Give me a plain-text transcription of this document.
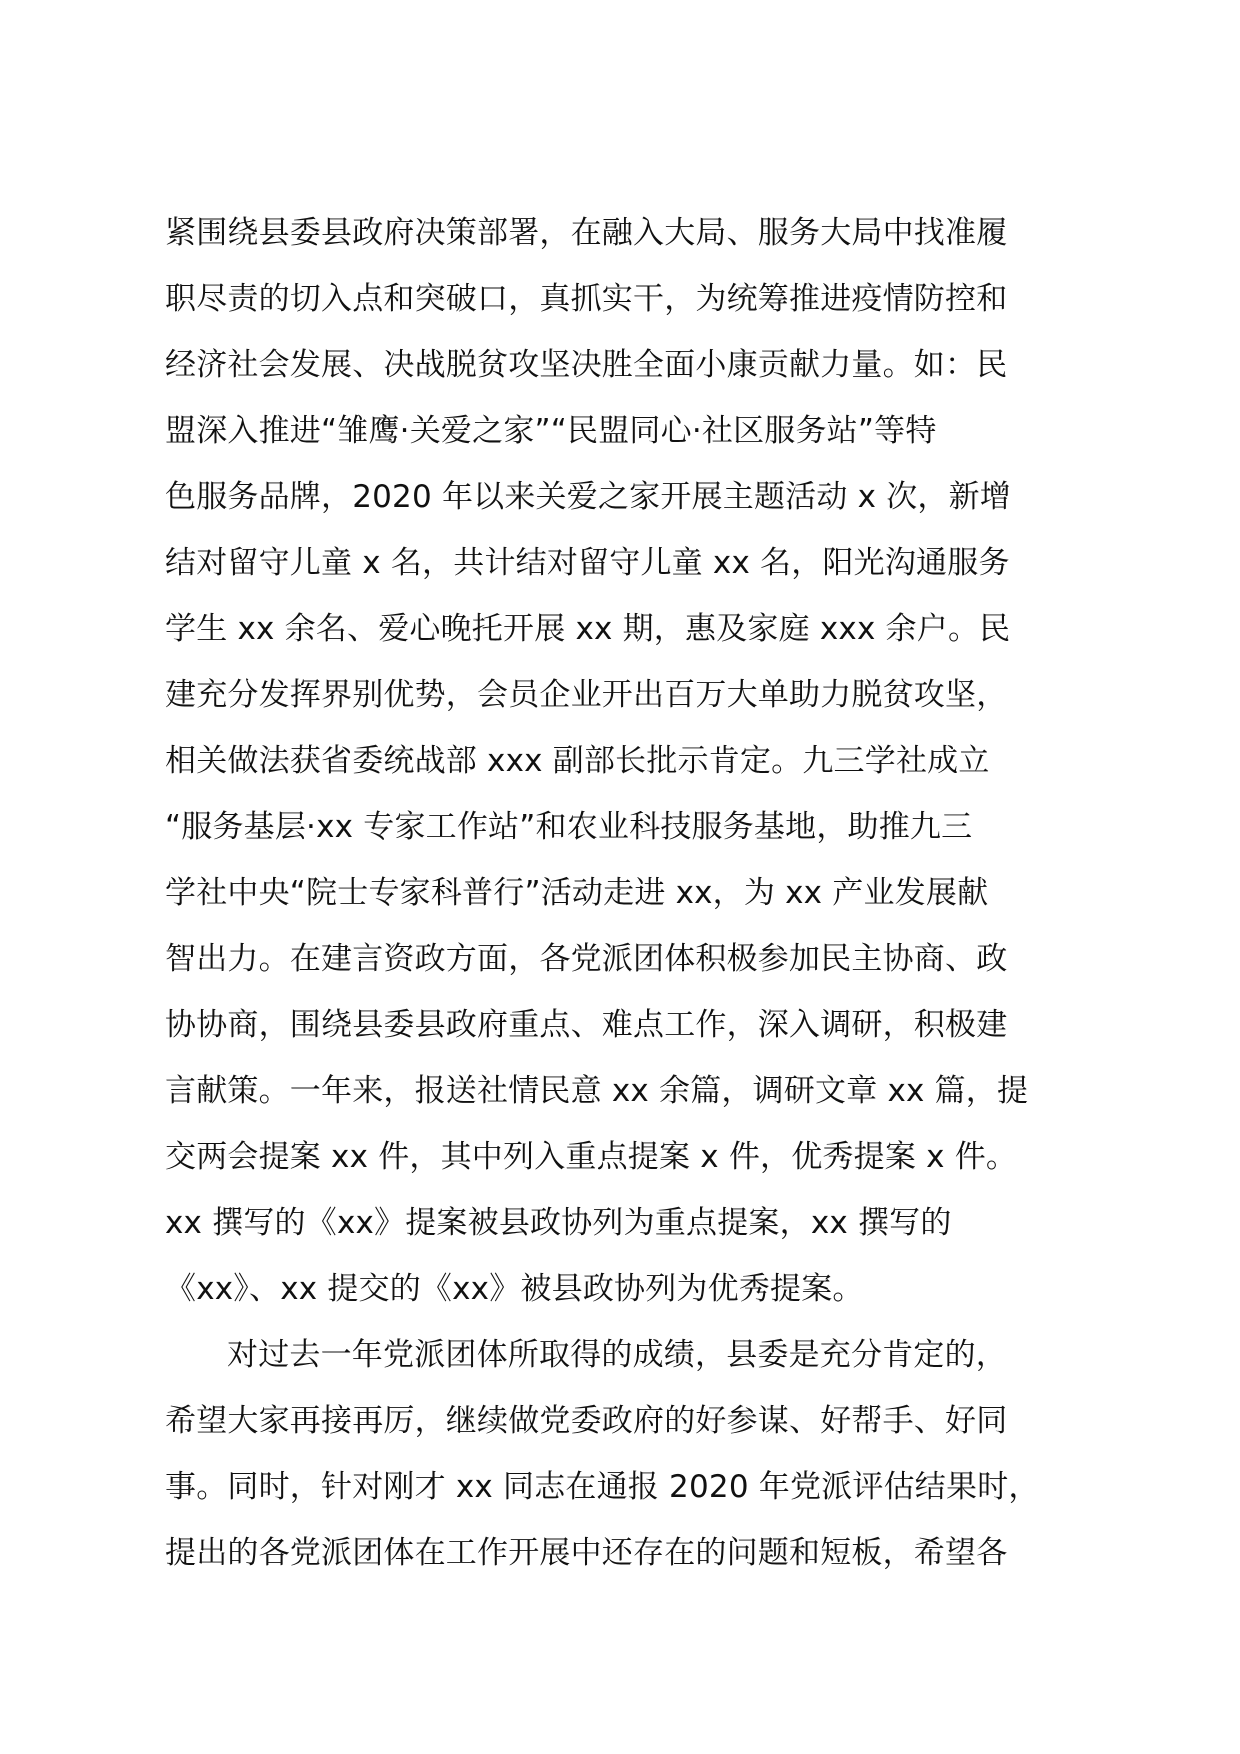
紧围绕县委县政府决策部署，在融入大局、服务大局中找准履
职尽责的切入点和突破口，真抓实干，为统筹推进疫情防控和
经济社会发展、决战脱贫攻坚决胜全面小康贡献力量。如：民
盟深入推进“雏鹰·关爱之家”“民盟同心·社区服务站”等特
色服务品牌，2020 年以来关爱之家开展主题活动 x 次，新增
结对留守儿童 x 名，共计结对留守儿童 xx 名，阳光沟通服务
学生 xx 余名、爱心晚托开展 xx 期，惠及家庭 xxx 余户。民
建充分发挥界别优势，会员企业开出百万大单助力脱贫攻坚，
相关做法获省委统战部 xxx 副部长批示肯定。九三学社成立
“服务基层·xx 专家工作站”和农业科技服务基地，助推九三
学社中央“院士专家科普行”活动走进 xx，为 xx 产业发展献
智出力。在建言资政方面，各党派团体积极参加民主协商、政
协协商，围绕县委县政府重点、难点工作，深入调研，积极建
言献策。一年来，报送社情民意 xx 余篇，调研文章 xx 篇，提
交两会提案 xx 件，其中列入重点提案 x 件，优秀提案 x 件。
xx 撰写的《xx》提案被县政协列为重点提案，xx 撰写的
《xx》、xx 提交的《xx》被县政协列为优秀提案。
对过去一年党派团体所取得的成绩，县委是充分肯定的，
希望大家再接再厉，继续做党委政府的好参谋、好帮手、好同
事。同时，针对刚才 xx 同志在通报 2020 年党派评估结果时，
提出的各党派团体在工作开展中还存在的问题和短板，希望各
